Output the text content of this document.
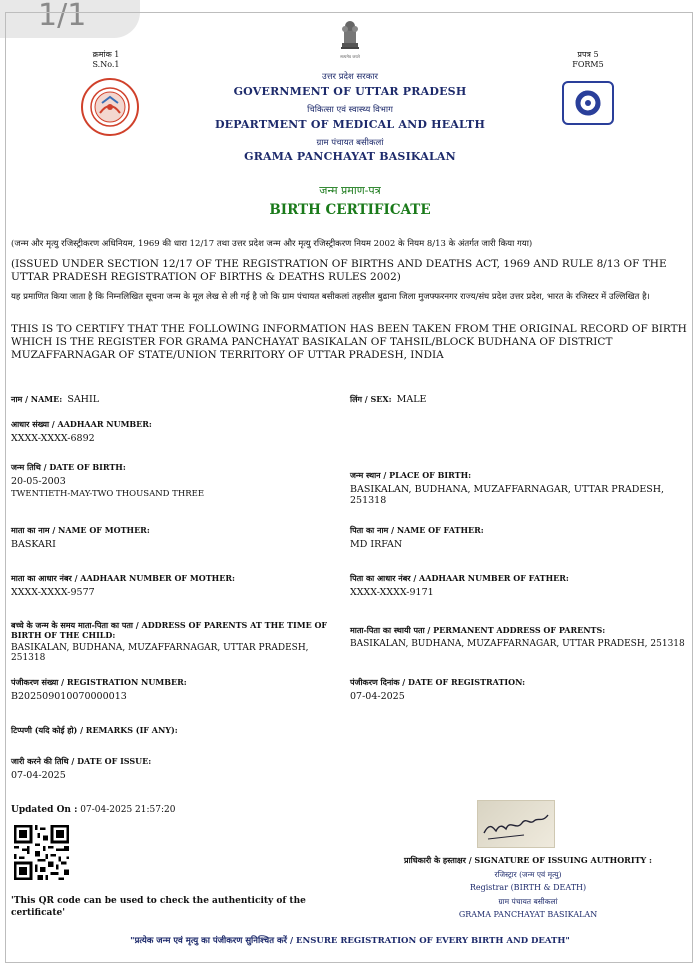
1/1
क्रमांक 1
S.No.1
प्रपत्र 5
FORM5
सत्यमेव जयते
उत्तर प्रदेश सरकार
GOVERNMENT OF UTTAR PRADESH
चिकित्सा एवं स्वास्थ्य विभाग
DEPARTMENT OF MEDICAL AND HEALTH
ग्राम पंचायत बसीकलां
GRAMA PANCHAYAT BASIKALAN
जन्म प्रमाण-पत्र
BIRTH CERTIFICATE
(जन्म और मृत्यु रजिस्ट्रीकरण अधिनियम, 1969 की धारा 12/17 तथा उत्तर प्रदेश जन्म और मृत्यु रजिस्ट्रीकरण नियम 2002 के नियम 8/13 के अंतर्गत जारी किया गया)
(ISSUED UNDER SECTION 12/17 OF THE REGISTRATION OF BIRTHS AND DEATHS ACT, 1969 AND RULE 8/13 OF THE UTTAR PRADESH REGISTRATION OF BIRTHS & DEATHS RULES 2002)
यह प्रमाणित किया जाता है कि निम्नलिखित सूचना जन्म के मूल लेख से ली गई है जो कि ग्राम पंचायत बसीकलां तहसील बुढाना जिला मुजफ्फरनगर राज्य/संघ प्रदेश उत्तर प्रदेश, भारत के रजिस्टर में उल्लिखित है।
THIS IS TO CERTIFY THAT THE FOLLOWING INFORMATION HAS BEEN TAKEN FROM THE ORIGINAL RECORD OF BIRTH WHICH IS THE REGISTER FOR GRAMA PANCHAYAT BASIKALAN OF TAHSIL/BLOCK BUDHANA OF DISTRICT MUZAFFARNAGAR OF STATE/UNION TERRITORY OF UTTAR PRADESH, INDIA
नाम / NAME: SAHIL	लिंग / SEX: MALE
आधार संख्या / AADHAAR NUMBER:
XXXX-XXXX-6892
जन्म तिथि / DATE OF BIRTH:
20-05-2003
TWENTIETH-MAY-TWO THOUSAND THREE
जन्म स्थान / PLACE OF BIRTH:
BASIKALAN, BUDHANA, MUZAFFARNAGAR, UTTAR PRADESH, 251318
माता का नाम / NAME OF MOTHER:
BASKARI
पिता का नाम / NAME OF FATHER:
MD IRFAN
माता का आधार नंबर / AADHAAR NUMBER OF MOTHER:
XXXX-XXXX-9577
पिता का आधार नंबर / AADHAAR NUMBER OF FATHER:
XXXX-XXXX-9171
बच्चे के जन्म के समय माता-पिता का पता / ADDRESS OF PARENTS AT THE TIME OF BIRTH OF THE CHILD:
BASIKALAN, BUDHANA, MUZAFFARNAGAR, UTTAR PRADESH, 251318
माता-पिता का स्थायी पता / PERMANENT ADDRESS OF PARENTS:
BASIKALAN, BUDHANA, MUZAFFARNAGAR, UTTAR PRADESH, 251318
पंजीकरण संख्या / REGISTRATION NUMBER:
B202509010070000013
पंजीकरण दिनांक / DATE OF REGISTRATION:
07-04-2025
टिप्पणी (यदि कोई हो) / REMARKS (IF ANY):
जारी करने की तिथि / DATE OF ISSUE:
07-04-2025
Updated On : 07-04-2025 21:57:20
'This QR code can be used to check the authenticity of the certificate'
प्राधिकारी के हस्ताक्षर / SIGNATURE OF ISSUING AUTHORITY :
रजिस्ट्रार (जन्म एवं मृत्यु)
Registrar (BIRTH & DEATH)
ग्राम पंचायत बसीकलां
GRAMA PANCHAYAT BASIKALAN
"प्रत्येक जन्म एवं मृत्यु का पंजीकरण सुनिश्चित करें / ENSURE REGISTRATION OF EVERY BIRTH AND DEATH"
